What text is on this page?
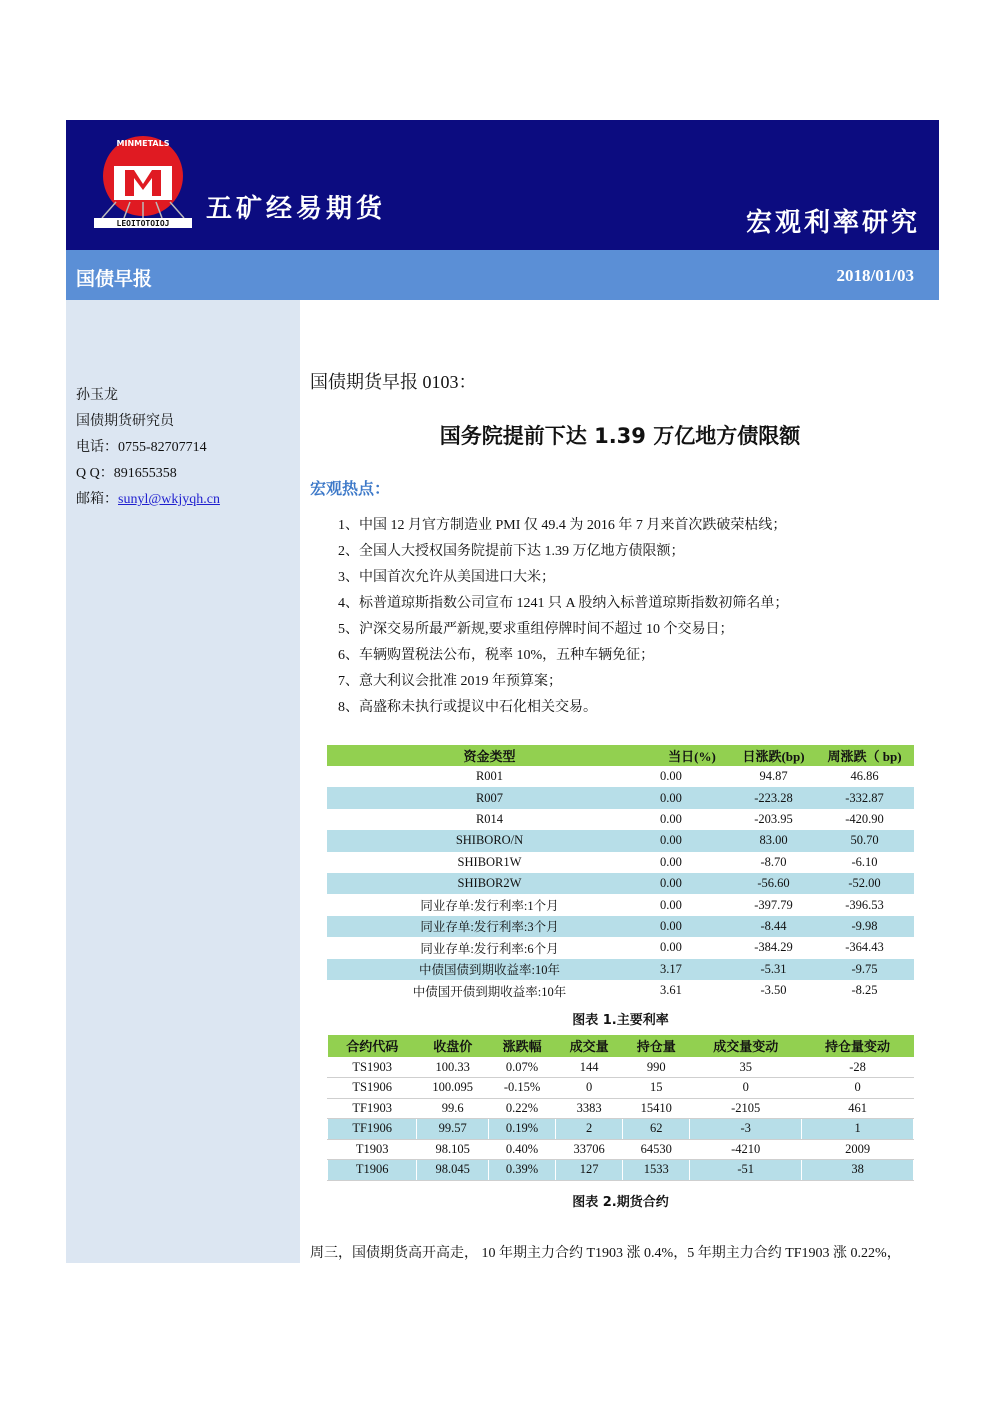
MINMETALS
LEOITOTOIOJ 五矿经易期货	宏观利率研究
国债早报	2018/01/03
孙玉龙
国债期货研究员
电话：0755-82707714
Q Q：891655358
邮箱：sunyl@wkjyqh.cn
国债期货早报 0103：
国务院提前下达 1.39 万亿地方债限额
宏观热点：
1、中国 12 月官方制造业 PMI 仅 49.4 为 2016 年 7 月来首次跌破荣枯线；
2、全国人大授权国务院提前下达 1.39 万亿地方债限额；
3、中国首次允许从美国进口大米；
4、标普道琼斯指数公司宣布 1241 只 A 股纳入标普道琼斯指数初筛名单；
5、沪深交易所最严新规,要求重组停牌时间不超过 10 个交易日；
6、车辆购置税法公布，税率 10%，五种车辆免征；
7、意大利议会批准 2019 年预算案；
8、高盛称未执行或提议中石化相关交易。
资金类型	当日(%)	日涨跌(bp)	周涨跌（ bp)
R001	0.00	94.87	46.86
R007	0.00	-223.28	-332.87
R014	0.00	-203.95	-420.90
SHIBORO/N	0.00	83.00	50.70
SHIBOR1W	0.00	-8.70	-6.10
SHIBOR2W	0.00	-56.60	-52.00
同业存单:发行利率:1个月	0.00	-397.79	-396.53
同业存单:发行利率:3个月	0.00	-8.44	-9.98
同业存单:发行利率:6个月	0.00	-384.29	-364.43
中债国债到期收益率:10年	3.17	-5.31	-9.75
中债国开债到期收益率:10年	3.61	-3.50	-8.25
图表 1.主要利率
合约代码	收盘价	涨跌幅	成交量	持仓量	成交量变动	持仓量变动
TS1903	100.33	0.07%	144	990	35	-28
TS1906	100.095	-0.15%	0	15	0	0
TF1903	99.6	0.22%	3383	15410	-2105	461
TF1906	99.57	0.19%	2	62	-3	1
T1903	98.105	0.40%	33706	64530	-4210	2009
T1906	98.045	0.39%	127	1533	-51	38
图表 2.期货合约
周三，国债期货高开高走， 10 年期主力合约 T1903 涨 0.4%，5 年期主力合约 TF1903 涨 0.22%，
